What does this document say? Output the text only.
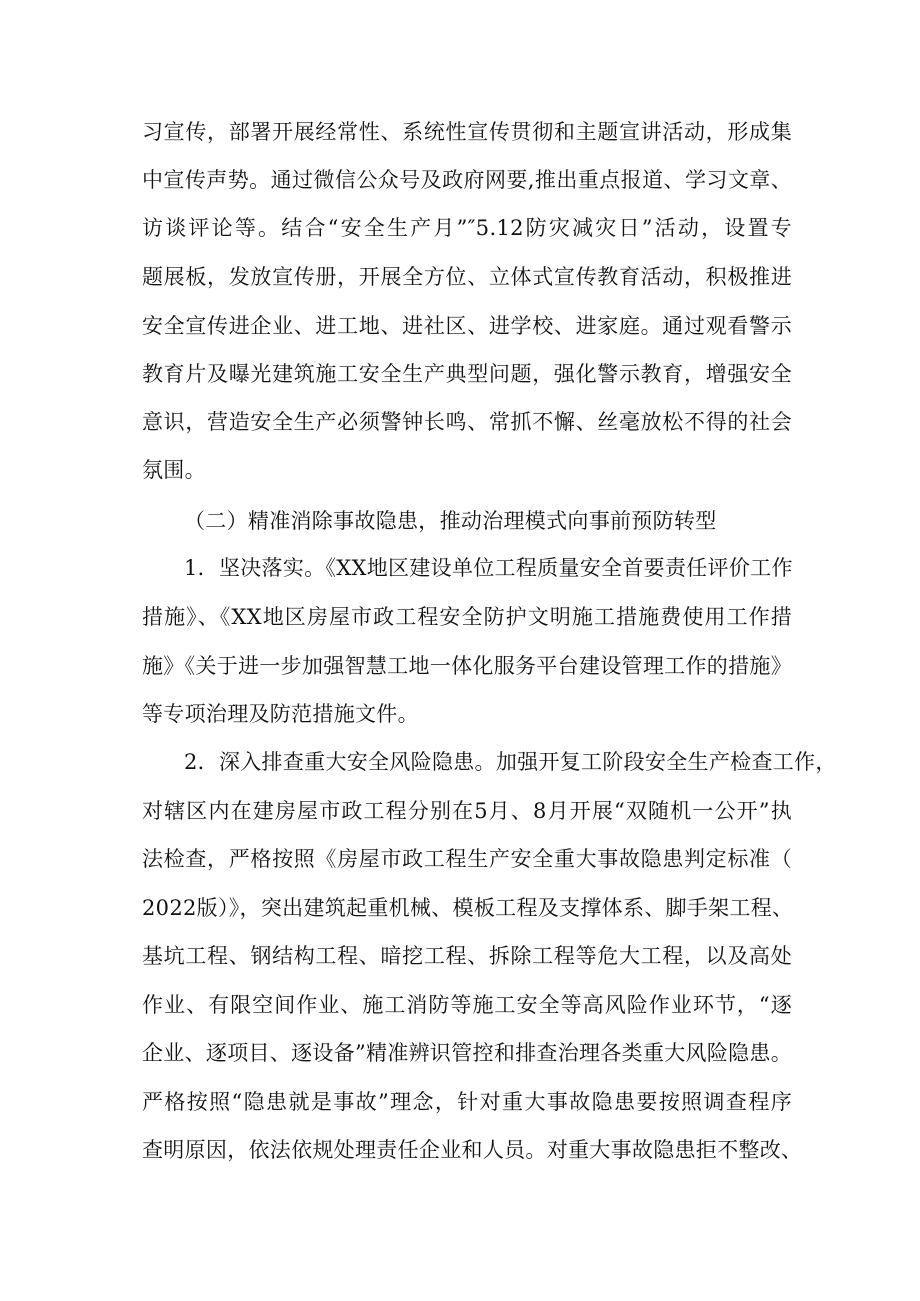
习宣传，部署开展经常性、系统性宣传贯彻和主题宣讲活动，形成集
中宣传声势。通过微信公众号及政府网要,推出重点报道、学习文章、
访谈评论等。结合“安全生产月”″5.12防灾减灾日”活动，设置专
题展板，发放宣传册，开展全方位、立体式宣传教育活动，积极推进
安全宣传进企业、进工地、进社区、进学校、进家庭。通过观看警示
教育片及曝光建筑施工安全生产典型问题，强化警示教育，增强安全
意识，营造安全生产必须警钟长鸣、常抓不懈、丝毫放松不得的社会
氛围。
（二）精准消除事故隐患，推动治理模式向事前预防转型
1．坚决落实。《XX地区建设单位工程质量安全首要责任评价工作
措施》、《XX地区房屋市政工程安全防护文明施工措施费使用工作措
施》《关于进一步加强智慧工地一体化服务平台建设管理工作的措施》
等专项治理及防范措施文件。
2．深入排查重大安全风险隐患。加强开复工阶段安全生产检查工作，
对辖区内在建房屋市政工程分别在5月、8月开展“双随机一公开”执
法检查，严格按照《房屋市政工程生产安全重大事故隐患判定标准（
2022版）》，突出建筑起重机械、模板工程及支撑体系、脚手架工程、
基坑工程、钢结构工程、暗挖工程、拆除工程等危大工程，以及高处
作业、有限空间作业、施工消防等施工安全等高风险作业环节，“逐
企业、逐项目、逐设备”精准辨识管控和排查治理各类重大风险隐患。
严格按照“隐患就是事故”理念，针对重大事故隐患要按照调查程序
查明原因，依法依规处理责任企业和人员。对重大事故隐患拒不整改、
